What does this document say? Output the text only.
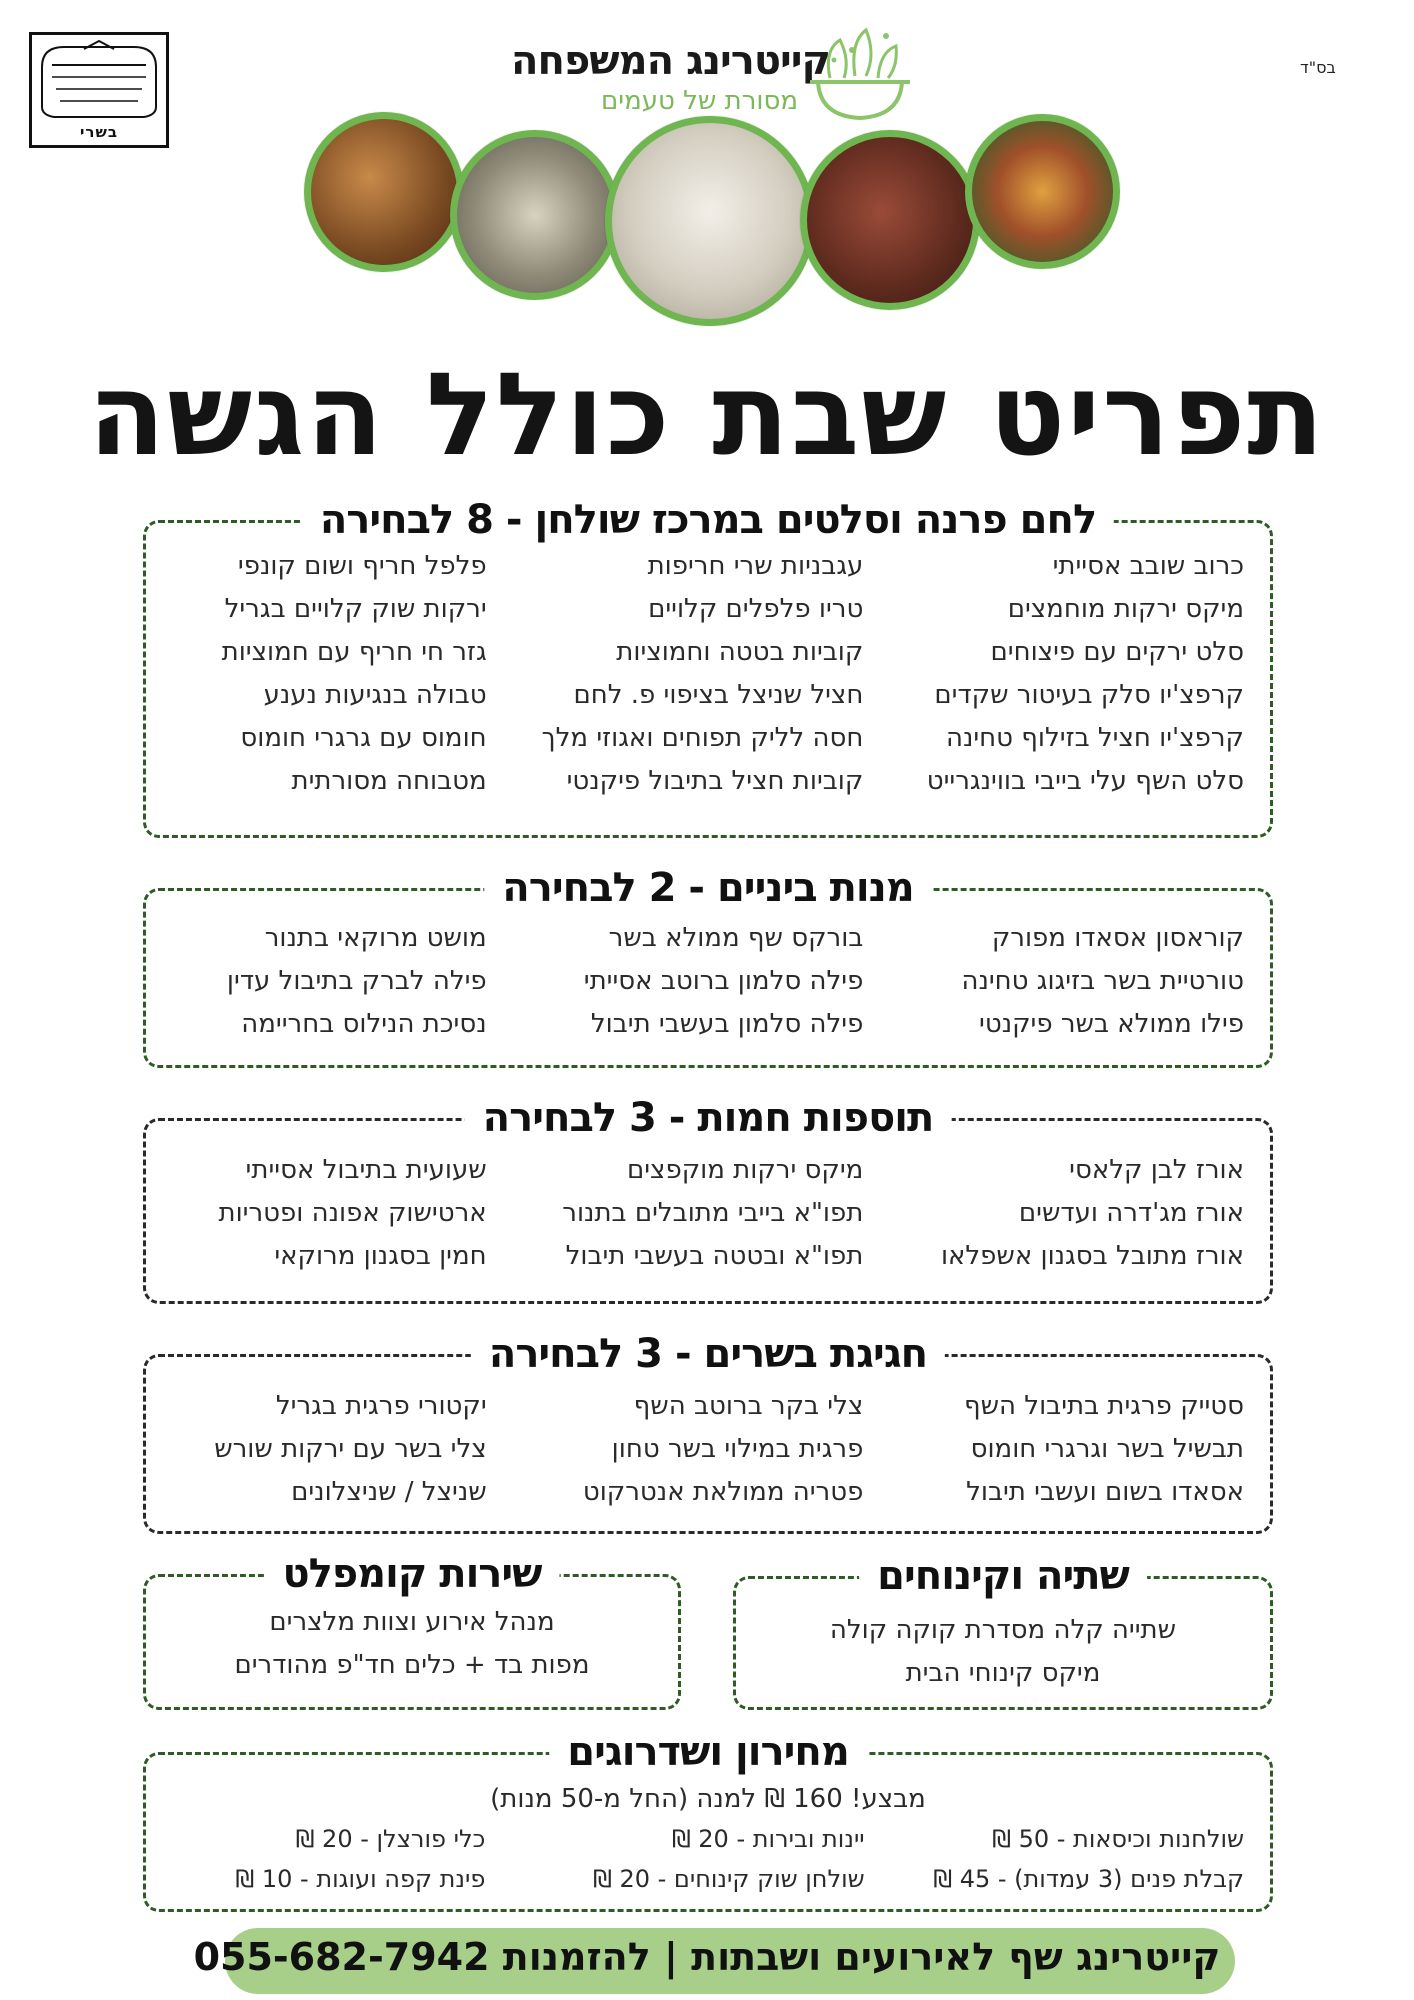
בס"ד
בשרי
קייטרינג המשפחה
מסורת של טעמים
תפריט שבת כולל הגשה
לחם פרנה וסלטים במרכז שולחן - 8 לבחירה
כרוב שובב אסייתי
מיקס ירקות מוחמצים
סלט ירקים עם פיצוחים
קרפצ'יו סלק בעיטור שקדים
קרפצ'יו חציל בזילוף טחינה
סלט השף עלי בייבי בווינגרייט
עגבניות שרי חריפות
טריו פלפלים קלויים
קוביות בטטה וחמוציות
חציל שניצל בציפוי פ. לחם
חסה לליק תפוחים ואגוזי מלך
קוביות חציל בתיבול פיקנטי
פלפל חריף ושום קונפי
ירקות שוק קלויים בגריל
גזר חי חריף עם חמוציות
טבולה בנגיעות נענע
חומוס עם גרגרי חומוס
מטבוחה מסורתית
מנות ביניים - 2 לבחירה
קוראסון אסאדו מפורק
טורטיית בשר בזיגוג טחינה
פילו ממולא בשר פיקנטי
בורקס שף ממולא בשר
פילה סלמון ברוטב אסייתי
פילה סלמון בעשבי תיבול
מושט מרוקאי בתנור
פילה לברק בתיבול עדין
נסיכת הנילוס בחריימה
תוספות חמות - 3 לבחירה
אורז לבן קלאסי
אורז מג'דרה ועדשים
אורז מתובל בסגנון אשפלאו
מיקס ירקות מוקפצים
תפו"א בייבי מתובלים בתנור
תפו"א ובטטה בעשבי תיבול
שעועית בתיבול אסייתי
ארטישוק אפונה ופטריות
חמין בסגנון מרוקאי
חגיגת בשרים - 3 לבחירה
סטייק פרגית בתיבול השף
תבשיל בשר וגרגרי חומוס
אסאדו בשום ועשבי תיבול
צלי בקר ברוטב השף
פרגית במילוי בשר טחון
פטריה ממולאת אנטרקוט
יקטורי פרגית בגריל
צלי בשר עם ירקות שורש
שניצל / שניצלונים
שתיה וקינוחים
שתייה קלה מסדרת קוקה קולה
מיקס קינוחי הבית
שירות קומפלט
מנהל אירוע וצוות מלצרים
מפות בד + כלים חד"פ מהודרים
מחירון ושדרוגים
מבצע! 160 ₪ למנה (החל מ-50 מנות)
שולחנות וכיסאות - 50 ₪
קבלת פנים (3 עמדות) - 45 ₪
יינות ובירות - 20 ₪
שולחן שוק קינוחים - 20 ₪
כלי פורצלן - 20 ₪
פינת קפה ועוגות - 10 ₪
קייטרינג שף לאירועים ושבתות | להזמנות 055-682-7942
